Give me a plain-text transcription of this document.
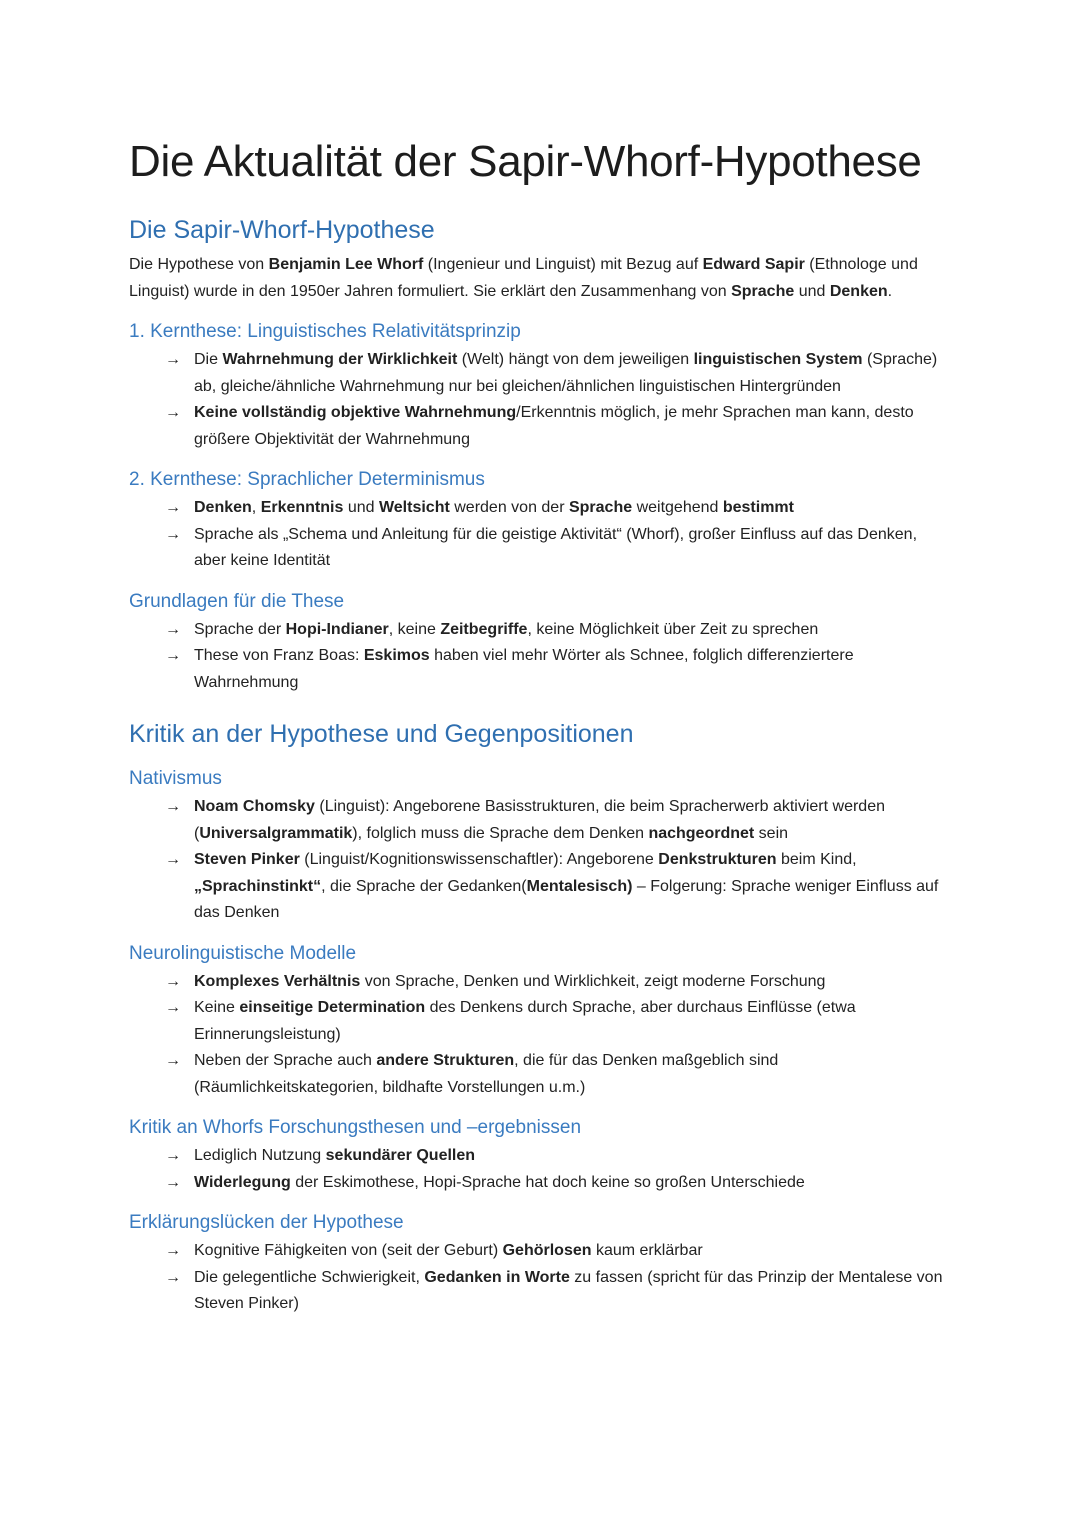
Die Aktualität der Sapir-Whorf-Hypothese
Die Sapir-Whorf-Hypothese

Die Hypothese von Benjamin Lee Whorf (Ingenieur und Linguist) mit Bezug auf Edward Sapir (Ethnologe und Linguist) wurde in den 1950er Jahren formuliert. Sie erklärt den Zusammenhang von Sprache und Denken.

1. Kernthese: Linguistisches Relativitätsprinzip
→ Die Wahrnehmung der Wirklichkeit (Welt) hängt von dem jeweiligen linguistischen System (Sprache) ab, gleiche/ähnliche Wahrnehmung nur bei gleichen/ähnlichen linguistischen Hintergründen
→ Keine vollständig objektive Wahrnehmung/Erkenntnis möglich, je mehr Sprachen man kann, desto größere Objektivität der Wahrnehmung
2. Kernthese: Sprachlicher Determinismus
→ Denken, Erkenntnis und Weltsicht werden von der Sprache weitgehend bestimmt
→ Sprache als „Schema und Anleitung für die geistige Aktivität“ (Whorf), großer Einfluss auf das Denken, aber keine Identität
Grundlagen für die These
→ Sprache der Hopi-Indianer, keine Zeitbegriffe, keine Möglichkeit über Zeit zu sprechen
→ These von Franz Boas: Eskimos haben viel mehr Wörter als Schnee, folglich differenziertere Wahrnehmung
Kritik an der Hypothese und Gegenpositionen
Nativismus
→ Noam Chomsky (Linguist): Angeborene Basisstrukturen, die beim Spracherwerb aktiviert werden (Universalgrammatik), folglich muss die Sprache dem Denken nachgeordnet sein
→ Steven Pinker (Linguist/Kognitionswissenschaftler): Angeborene Denkstrukturen beim Kind, „Sprachinstinkt“, die Sprache der Gedanken(Mentalesisch) – Folgerung: Sprache weniger Einfluss auf das Denken
Neurolinguistische Modelle
→ Komplexes Verhältnis von Sprache, Denken und Wirklichkeit, zeigt moderne Forschung
→ Keine einseitige Determination des Denkens durch Sprache, aber durchaus Einflüsse (etwa Erinnerungsleistung)
→ Neben der Sprache auch andere Strukturen, die für das Denken maßgeblich sind (Räumlichkeitskategorien, bildhafte Vorstellungen u.m.)
Kritik an Whorfs Forschungsthesen und –ergebnissen
→ Lediglich Nutzung sekundärer Quellen
→ Widerlegung der Eskimothese, Hopi-Sprache hat doch keine so großen Unterschiede
Erklärungslücken der Hypothese
→ Kognitive Fähigkeiten von (seit der Geburt) Gehörlosen kaum erklärbar
→ Die gelegentliche Schwierigkeit, Gedanken in Worte zu fassen (spricht für das Prinzip der Mentalese von Steven Pinker)
